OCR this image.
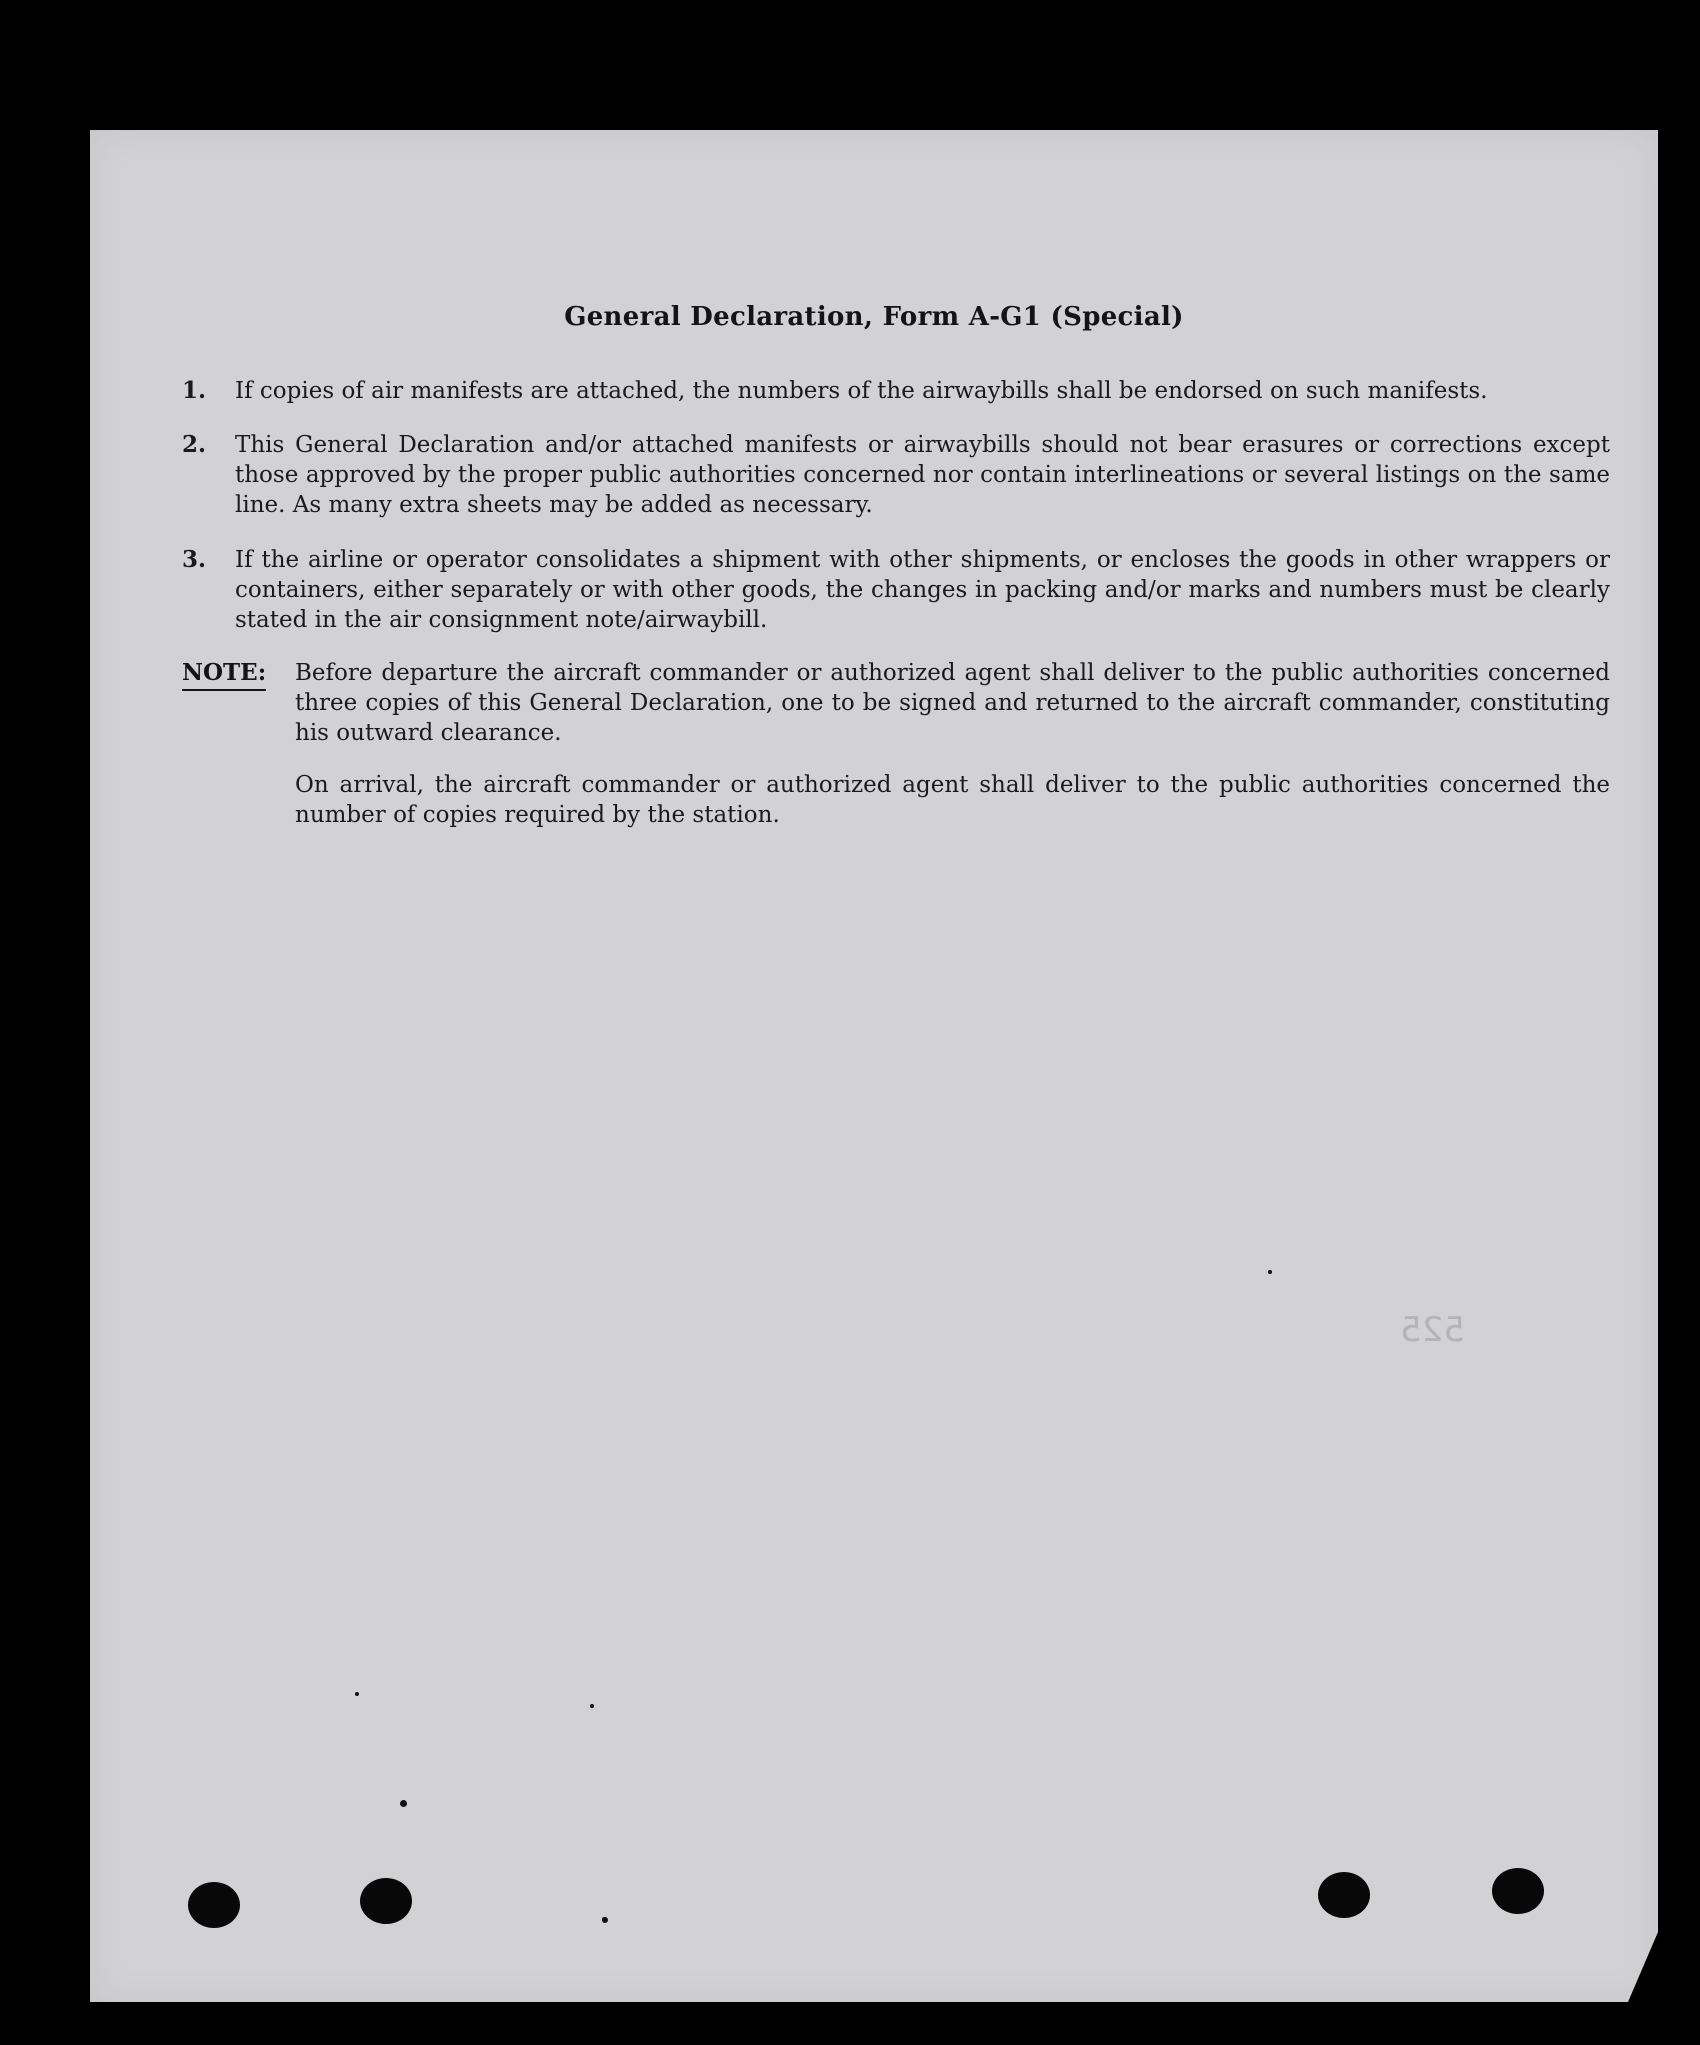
General Declaration, Form A-G1 (Special)
1.	If copies of air manifests are attached, the numbers of the airwaybills shall be endorsed on such manifests.
2.	This General Declaration and/or attached manifests or airwaybills should not bear erasures or corrections except those approved by the proper public authorities concerned nor contain interlineations or several listings on the same line. As many extra sheets may be added as necessary.
3.	If the airline or operator consolidates a shipment with other shipments, or encloses the goods in other wrappers or containers, either separately or with other goods, the changes in packing and/or marks and numbers must be clearly stated in the air consignment note/airwaybill.
NOTE: Before departure the aircraft commander or authorized agent shall deliver to the public authorities concerned three copies of this General Declaration, one to be signed and returned to the aircraft commander, constituting his outward clearance.
On arrival, the aircraft commander or authorized agent shall deliver to the public authorities concerned the number of copies required by the station.
525
